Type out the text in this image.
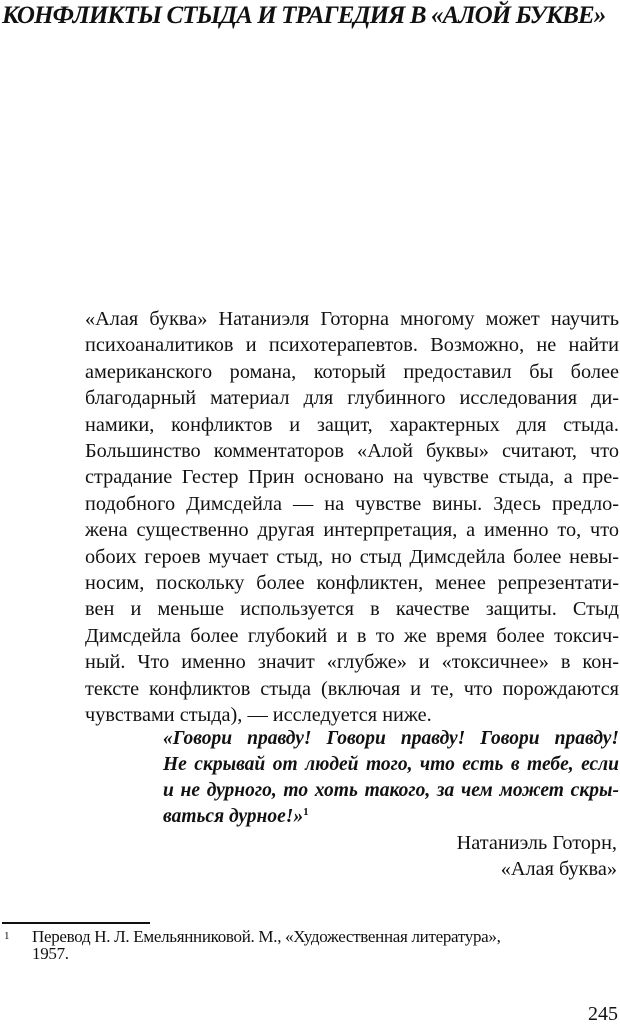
КОНФЛИКТЫ СТЫДА И ТРАГЕДИЯ В «АЛОЙ БУКВЕ»
«Алая буква» Натаниэля Готорна многому может научить
психоаналитиков и психотерапевтов. Возможно, не найти
американского романа, который предоставил бы более
благодарный материал для глубинного исследования ди-
намики, конфликтов и защит, характерных для стыда.
Большинство комментаторов «Алой буквы» считают, что
страдание Гестер Прин основано на чувстве стыда, а пре-
подобного Димсдейла — на чувстве вины. Здесь предло-
жена существенно другая интерпретация, а именно то, что
обоих героев мучает стыд, но стыд Димсдейла более невы-
носим, поскольку более конфликтен, менее репрезентати-
вен и меньше используется в качестве защиты. Стыд
Димсдейла более глубокий и в то же время более токсич-
ный. Что именно значит «глубже» и «токсичнее» в кон-
тексте конфликтов стыда (включая и те, что порождаются
чувствами стыда), — исследуется ниже.
«Говори правду! Говори правду! Говори правду!
Не скрывай от людей того, что есть в тебе, если
и не дурного, то хоть такого, за чем может скры-
ваться дурное!»$^1$
Натаниэль Готорн,
«Алая буква»
1 Перевод Н. Л. Емельянниковой. М., «Художественная литература»,
1957.
245
